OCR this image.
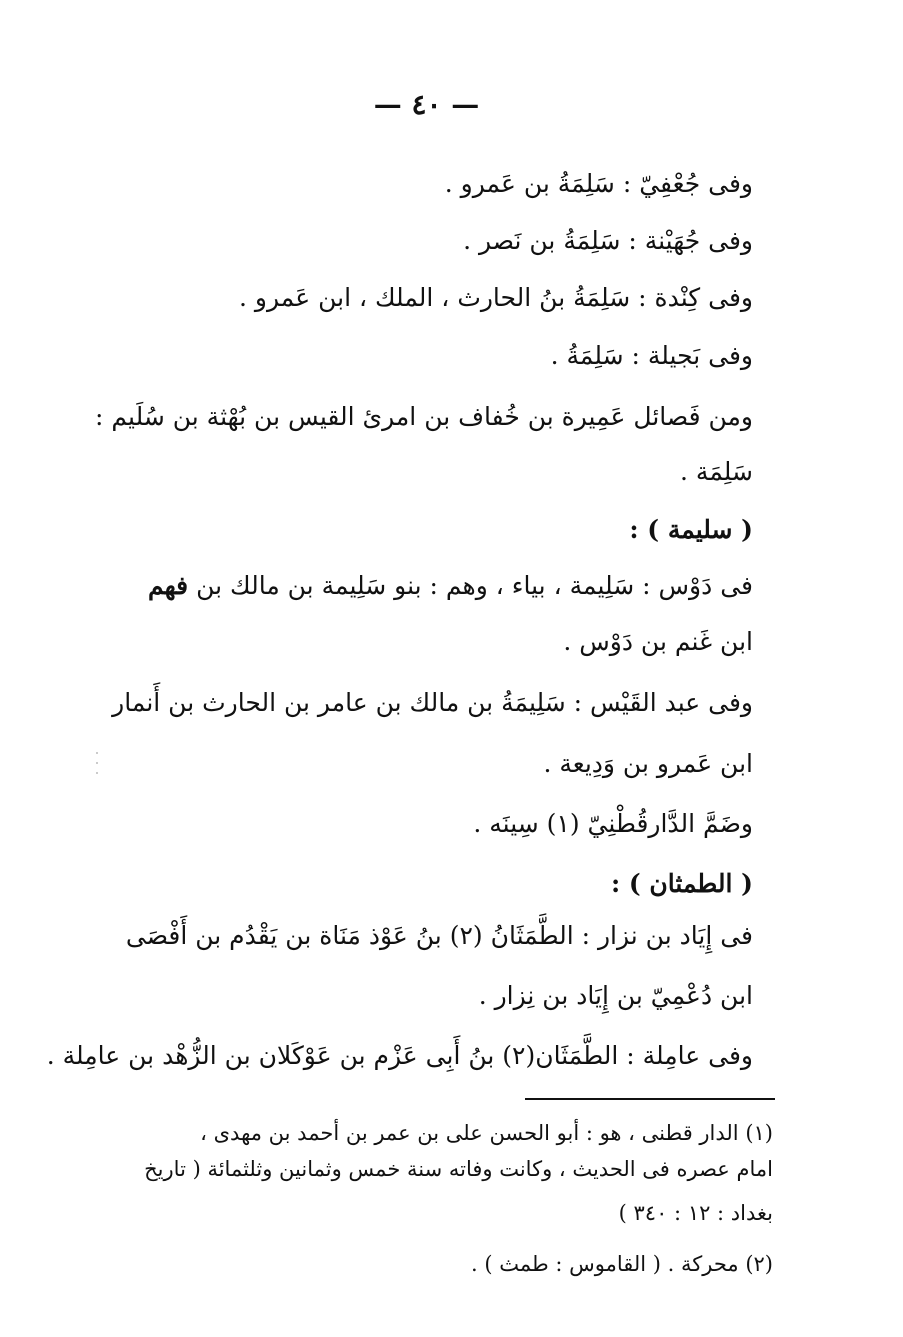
— ٤٠ —
وفى جُعْفِيّ : سَلِمَةُ بن عَمرو .
وفى جُهَيْنة : سَلِمَةُ بن نَصر .
وفى كِنْدة : سَلِمَةُ بنُ الحارث ، الملك ، ابن عَمرو .
وفى بَجيلة : سَلِمَةُ .
ومن فَصائل عَمِيرة بن خُفاف بن امرئ القيس بن بُهْثة بن سُلَيم :
سَلِمَة .
( سليمة ) :
فى دَوْس : سَلِيمة ، بياء ، وهم : بنو سَلِيمة بن مالك بن فهم
ابن غَنم بن دَوْس .
وفى عبد القَيْس : سَلِيمَةُ بن مالك بن عامر بن الحارث بن أَنمار
ابن عَمرو بن وَدِيعة .
وضَمَّ الدَّارقُطْنِيّ (١) سِينَه .
( الطمثان ) :
فى إِيَاد بن نزار : الطَّمَثَانُ (٢) بنُ عَوْذ مَنَاة بن يَقْدُم بن أَفْصَى
ابن دُعْمِيّ بن إِيَاد بن نِزار .
وفى عامِلة : الطَّمَثَان(٢) بنُ أَبِى عَزْم بن عَوْكَلان بن الزُّهْد بن عامِلة .
(١) الدار قطنى ، هو : أبو الحسن على بن عمر بن أحمد بن مهدى ،
امام عصره فى الحديث ، وكانت وفاته سنة خمس وثمانين وثلثمائة ( تاريخ
بغداد : ١٢ : ٣٤٠ )
(٢) محركة . ( القاموس : طمث ) .
